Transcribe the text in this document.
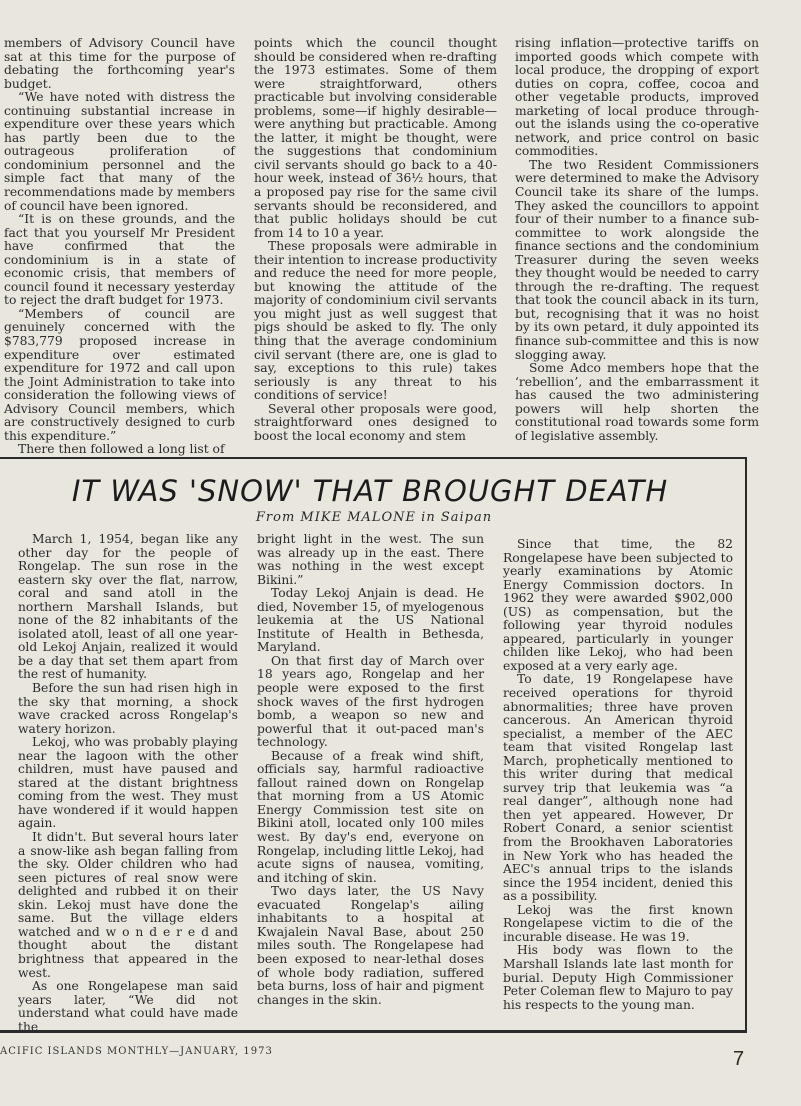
members of Advisory Council have sat at this time for the purpose of debating the forthcoming year's budget.

“We have noted with distress the continuing substantial increase in expenditure over these years which has partly been due to the outrageous proliferation of condominium personnel and the simple fact that many of the recommendations made by members of council have been ignored.

“It is on these grounds, and the fact that you yourself Mr President have confirmed that the condominium is in a state of economic crisis, that members of council found it necessary yesterday to reject the draft budget for 1973.

“Members of council are genuinely concerned with the $783,779 proposed increase in expenditure over estimated expenditure for 1972 and call upon the Joint Administration to take into consideration the following views of Advisory Council members, which are constructively designed to curb this expenditure.”

There then followed a long list of

points which the council thought should be considered when re-drafting the 1973 estimates. Some of them were straightforward, others practicable but involving considerable problems, some—if highly desirable—were anything but practicable. Among the latter, it might be thought, were the suggestions that condominium civil servants should go back to a 40-hour week, instead of 36½ hours, that a proposed pay rise for the same civil servants should be reconsidered, and that public holidays should be cut from 14 to 10 a year.

These proposals were admirable in their intention to increase productivity and reduce the need for more people, but knowing the attitude of the majority of condominium civil servants you might just as well suggest that pigs should be asked to fly. The only thing that the average condominium civil servant (there are, one is glad to say, exceptions to this rule) takes seriously is any threat to his conditions of service!

Several other proposals were good, straightforward ones designed to boost the local economy and stem

rising inflation—protective tariffs on imported goods which compete with local produce, the dropping of export duties on copra, coffee, cocoa and other vegetable products, improved marketing of local produce through-out the islands using the co-operative network, and price control on basic commodities.

The two Resident Commissioners were determined to make the Advisory Council take its share of the lumps. They asked the councillors to appoint four of their number to a finance sub-committee to work alongside the finance sections and the condominium Treasurer during the seven weeks they thought would be needed to carry through the re-drafting. The request that took the council aback in its turn, but, recognising that it was no hoist by its own petard, it duly appointed its finance sub-committee and this is now slogging away.

Some Adco members hope that the ‘rebellion’, and the embarrassment it has caused the two administering powers will help shorten the constitutional road towards some form of legislative assembly.

IT WAS 'SNOW' THAT BROUGHT DEATH
From MIKE MALONE in Saipan

March 1, 1954, began like any other day for the people of Rongelap. The sun rose in the eastern sky over the flat, narrow, coral and sand atoll in the northern Marshall Islands, but none of the 82 inhabitants of the isolated atoll, least of all one year-old Lekoj Anjain, realized it would be a day that set them apart from the rest of humanity.

Before the sun had risen high in the sky that morning, a shock wave cracked across Rongelap's watery horizon.

Lekoj, who was probably playing near the lagoon with the other children, must have paused and stared at the distant brightness coming from the west. They must have wondered if it would happen again.

It didn't. But several hours later a snow-like ash began falling from the sky. Older children who had seen pictures of real snow were delighted and rubbed it on their skin. Lekoj must have done the same. But the village elders watched and w o n d e r e d and thought about the distant brightness that appeared in the west.

As one Rongelapese man said years later, “We did not understand what could have made the

bright light in the west. The sun was already up in the east. There was nothing in the west except Bikini.”

Today Lekoj Anjain is dead. He died, November 15, of myelogenous leukemia at the US National Institute of Health in Bethesda, Maryland.

On that first day of March over 18 years ago, Rongelap and her people were exposed to the first shock waves of the first hydrogen bomb, a weapon so new and powerful that it out-paced man's technology.

Because of a freak wind shift, officials say, harmful radioactive fallout rained down on Rongelap that morning from a US Atomic Energy Commission test site on Bikini atoll, located only 100 miles west. By day's end, everyone on Rongelap, including little Lekoj, had acute signs of nausea, vomiting, and itching of skin.

Two days later, the US Navy evacuated Rongelap's ailing inhabitants to a hospital at Kwajalein Naval Base, about 250 miles south. The Rongelapese had been exposed to near-lethal doses of whole body radiation, suffered beta burns, loss of hair and pigment changes in the skin.

Since that time, the 82 Rongelapese have been subjected to yearly examinations by Atomic Energy Commission doctors. In 1962 they were awarded $902,000 (US) as compensation, but the following year thyroid nodules appeared, particularly in younger childen like Lekoj, who had been exposed at a very early age.

To date, 19 Rongelapese have received operations for thyroid abnormalities; three have proven cancerous. An American thyroid specialist, a member of the AEC team that visited Rongelap last March, prophetically mentioned to this writer during that medical survey trip that leukemia was “a real danger”, although none had then yet appeared. However, Dr Robert Conard, a senior scientist from the Brookhaven Laboratories in New York who has headed the AEC's annual trips to the islands since the 1954 incident, denied this as a possibility.

Lekoj was the first known Rongelapese victim to die of the incurable disease. He was 19.

His body was flown to the Marshall Islands late last month for burial. Deputy High Commissioner Peter Coleman flew to Majuro to pay his respects to the young man.

ACIFIC ISLANDS MONTHLY—JANUARY, 1973	7
